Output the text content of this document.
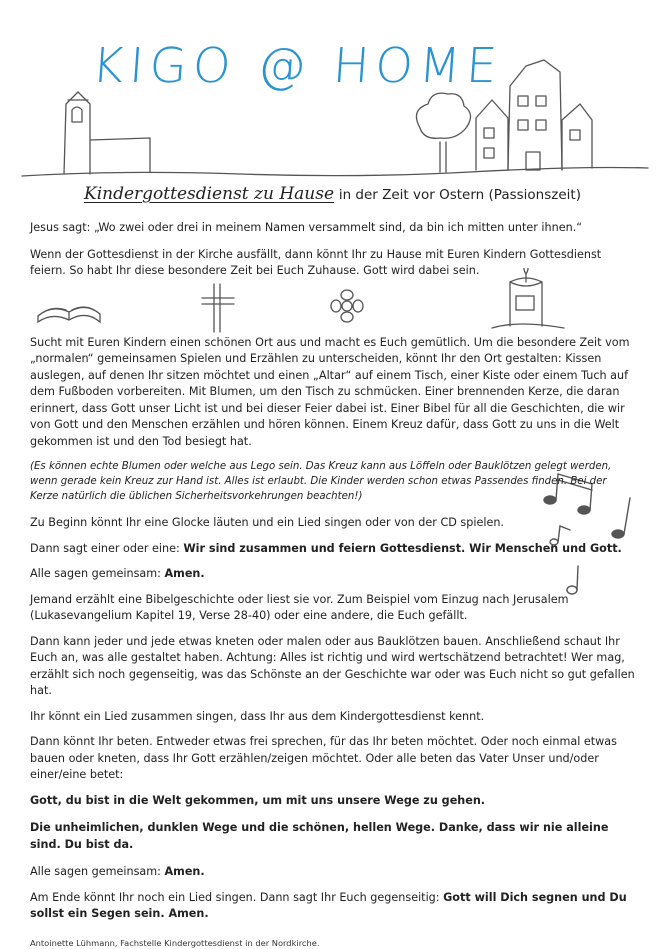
KIGO @ HOME
Kindergottesdienst zu Hause in der Zeit vor Ostern (Passionszeit)

Jesus sagt: „Wo zwei oder drei in meinem Namen versammelt sind, da bin ich mitten unter ihnen.“

Wenn der Gottesdienst in der Kirche ausfällt, dann könnt Ihr zu Hause mit Euren Kindern Gottesdienst feiern. So habt Ihr diese besondere Zeit bei Euch Zuhause. Gott wird dabei sein.

Sucht mit Euren Kindern einen schönen Ort aus und macht es Euch gemütlich. Um die besondere Zeit vom „normalen“ gemeinsamen Spielen und Erzählen zu unterscheiden, könnt Ihr den Ort gestalten: Kissen auslegen, auf denen Ihr sitzen möchtet und einen „Altar“ auf einem Tisch, einer Kiste oder einem Tuch auf dem Fußboden vorbereiten. Mit Blumen, um den Tisch zu schmücken. Einer brennenden Kerze, die daran erinnert, dass Gott unser Licht ist und bei dieser Feier dabei ist. Einer Bibel für all die Geschichten, die wir von Gott und den Menschen erzählen und hören können. Einem Kreuz dafür, dass Gott zu uns in die Welt gekommen ist und den Tod besiegt hat.

(Es können echte Blumen oder welche aus Lego sein. Das Kreuz kann aus Löffeln oder Bauklötzen gelegt werden, wenn gerade kein Kreuz zur Hand ist. Alles ist erlaubt. Die Kinder werden schon etwas Passendes finden. Bei der Kerze natürlich die üblichen Sicherheitsvorkehrungen beachten!)

Zu Beginn könnt Ihr eine Glocke läuten und ein Lied singen oder von der CD spielen.

Dann sagt einer oder eine: Wir sind zusammen und feiern Gottesdienst. Wir Menschen und Gott.

Alle sagen gemeinsam: Amen.

Jemand erzählt eine Bibelgeschichte oder liest sie vor. Zum Beispiel vom Einzug nach Jerusalem (Lukasevangelium Kapitel 19, Verse 28-40) oder eine andere, die Euch gefällt.

Dann kann jeder und jede etwas kneten oder malen oder aus Bauklötzen bauen. Anschließend schaut Ihr Euch an, was alle gestaltet haben. Achtung: Alles ist richtig und wird wertschätzend betrachtet! Wer mag, erzählt sich noch gegenseitig, was das Schönste an der Geschichte war oder was Euch nicht so gut gefallen hat.

Ihr könnt ein Lied zusammen singen, dass Ihr aus dem Kindergottesdienst kennt.

Dann könnt Ihr beten. Entweder etwas frei sprechen, für das Ihr beten möchtet. Oder noch einmal etwas bauen oder kneten, dass Ihr Gott erzählen/zeigen möchtet. Oder alle beten das Vater Unser und/oder einer/eine betet:

Gott, du bist in die Welt gekommen, um mit uns unsere Wege zu gehen.

Die unheimlichen, dunklen Wege und die schönen, hellen Wege. Danke, dass wir nie alleine sind. Du bist da.

Alle sagen gemeinsam: Amen.

Am Ende könnt Ihr noch ein Lied singen. Dann sagt Ihr Euch gegenseitig: Gott will Dich segnen und Du sollst ein Segen sein. Amen.

Antoinette Lühmann, Fachstelle Kindergottesdienst in der Nordkirche.
